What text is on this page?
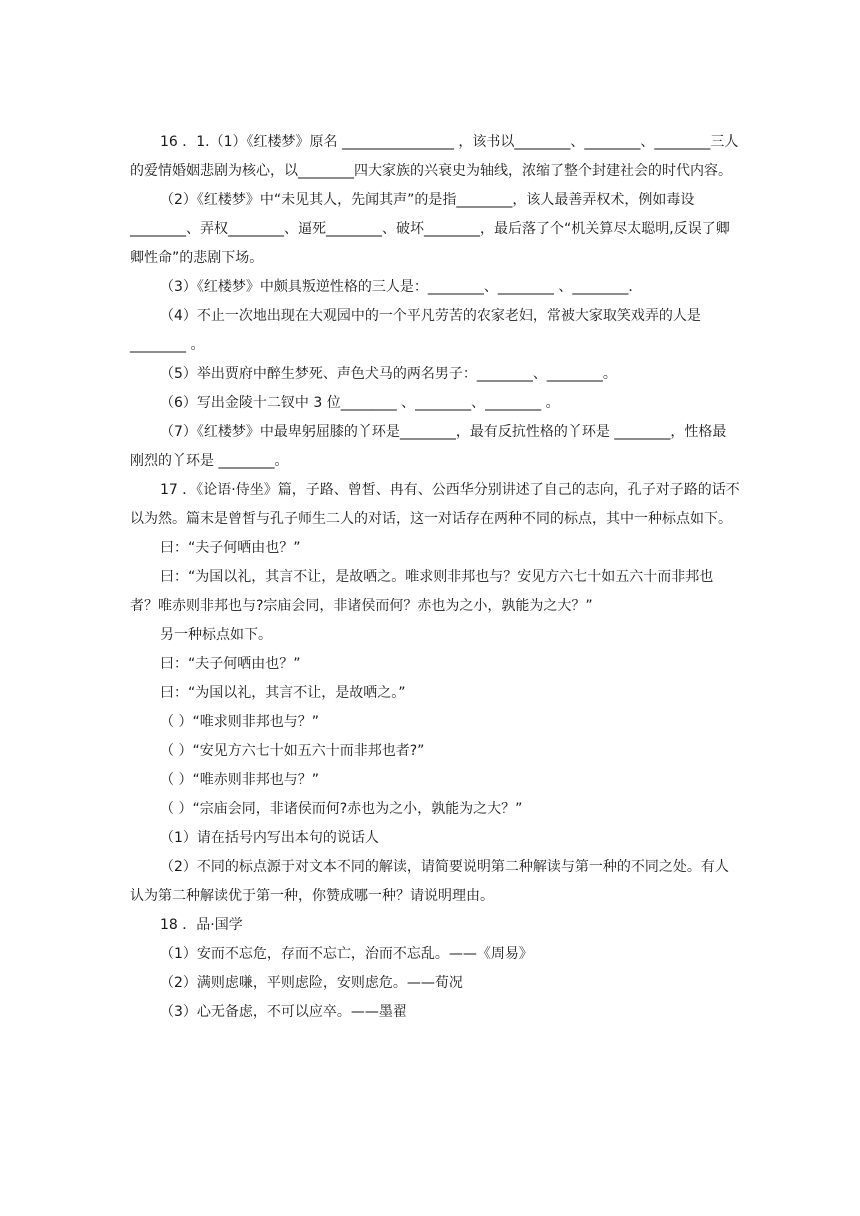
16 ．1.（1）《红楼梦》原名 ________________ ，该书以________、________、________三人的爱情婚姻悲剧为核心，以________四大家族的兴衰史为轴线，浓缩了整个封建社会的时代内容。

（2）《红楼梦》中“未见其人，先闻其声”的是指________，该人最善弄权术，例如毒设 ________、弄权________、逼死________、破坏________，最后落了个“机关算尽太聪明,反误了卿卿性命”的悲剧下场。

（3）《红楼梦》中颇具叛逆性格的三人是：________、________ 、________．

（4）不止一次地出现在大观园中的一个平凡劳苦的农家老妇，常被大家取笑戏弄的人是________ 。

（5）举出贾府中醉生梦死、声色犬马的两名男子：________、________。

（6）写出金陵十二钗中 3 位________ 、________、________ 。

（7）《红楼梦》中最卑躬屈膝的丫环是________，最有反抗性格的丫环是 ________，性格最刚烈的丫环是 ________。

17 ．《论语·侍坐》篇，子路、曾皙、冉有、公西华分别讲述了自己的志向，孔子对子路的话不以为然。篇末是曾皙与孔子师生二人的对话，这一对话存在两种不同的标点，其中一种标点如下。

曰：“夫子何哂由也？”

曰：“为国以礼，其言不让，是故哂之。唯求则非邦也与？安见方六七十如五六十而非邦也者？唯赤则非邦也与?宗庙会同，非诸侯而何？赤也为之小，孰能为之大？”

另一种标点如下。

曰：“夫子何哂由也？”

曰：“为国以礼，其言不让，是故哂之。”

（ ）“唯求则非邦也与？”

（ ）“安见方六七十如五六十而非邦也者?”

（ ）“唯赤则非邦也与？”

（ ）“宗庙会同，非诸侯而何?赤也为之小，孰能为之大？”

（1）请在括号内写出本句的说话人

（2）不同的标点源于对文本不同的解读，请简要说明第二种解读与第一种的不同之处。有人认为第二种解读优于第一种，你赞成哪一种？请说明理由。

18 ．品·国学

（1）安而不忘危，存而不忘亡，治而不忘乱。——《周易》

（2）满则虑嗛，平则虑险，安则虑危。——荀况

（3）心无备虑，不可以应卒。——墨翟
